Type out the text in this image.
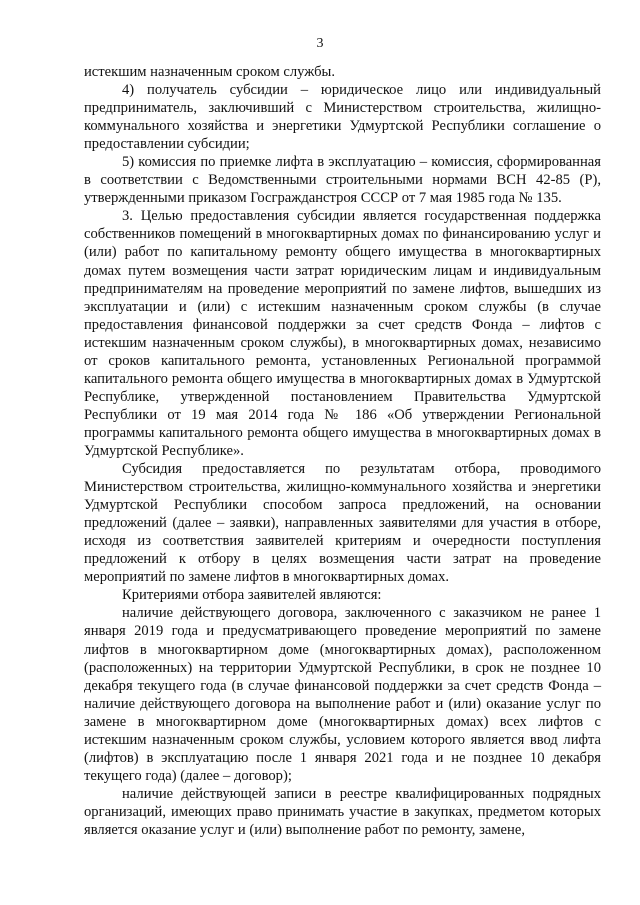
3

истекшим назначенным сроком службы.

4) получатель субсидии – юридическое лицо или индивидуальный предприниматель, заключивший с Министерством строительства, жилищно-коммунального хозяйства и энергетики Удмуртской Республики соглашение о предоставлении субсидии;

5) комиссия по приемке лифта в эксплуатацию – комиссия, сформированная в соответствии с Ведомственными строительными нормами ВСН 42-85 (Р), утвержденными приказом Госгражданстроя СССР от 7 мая 1985 года № 135.

3. Целью предоставления субсидии является государственная поддержка собственников помещений в многоквартирных домах по финансированию услуг и (или) работ по капитальному ремонту общего имущества в многоквартирных домах путем возмещения части затрат юридическим лицам и индивидуальным предпринимателям на проведение мероприятий по замене лифтов, вышедших из эксплуатации и (или) с истекшим назначенным сроком службы (в случае предоставления финансовой поддержки за счет средств Фонда – лифтов с истекшим назначенным сроком службы), в многоквартирных домах, независимо от сроков капитального ремонта, установленных Региональной программой капитального ремонта общего имущества в многоквартирных домах в Удмуртской Республике, утвержденной постановлением Правительства Удмуртской Республики от 19 мая 2014 года № 186 «Об утверждении Региональной программы капитального ремонта общего имущества в многоквартирных домах в Удмуртской Республике».

Субсидия предоставляется по результатам отбора, проводимого Министерством строительства, жилищно-коммунального хозяйства и энергетики Удмуртской Республики способом запроса предложений, на основании предложений (далее – заявки), направленных заявителями для участия в отборе, исходя из соответствия заявителей критериям и очередности поступления предложений к отбору в целях возмещения части затрат на проведение мероприятий по замене лифтов в многоквартирных домах.

Критериями отбора заявителей являются:

наличие действующего договора, заключенного с заказчиком не ранее 1 января 2019 года и предусматривающего проведение мероприятий по замене лифтов в многоквартирном доме (многоквартирных домах), расположенном (расположенных) на территории Удмуртской Республики, в срок не позднее 10 декабря текущего года (в случае финансовой поддержки за счет средств Фонда – наличие действующего договора на выполнение работ и (или) оказание услуг по замене в многоквартирном доме (многоквартирных домах) всех лифтов с истекшим назначенным сроком службы, условием которого является ввод лифта (лифтов) в эксплуатацию после 1 января 2021 года и не позднее 10 декабря текущего года) (далее – договор);

наличие действующей записи в реестре квалифицированных подрядных организаций, имеющих право принимать участие в закупках, предметом которых является оказание услуг и (или) выполнение работ по ремонту, замене,
